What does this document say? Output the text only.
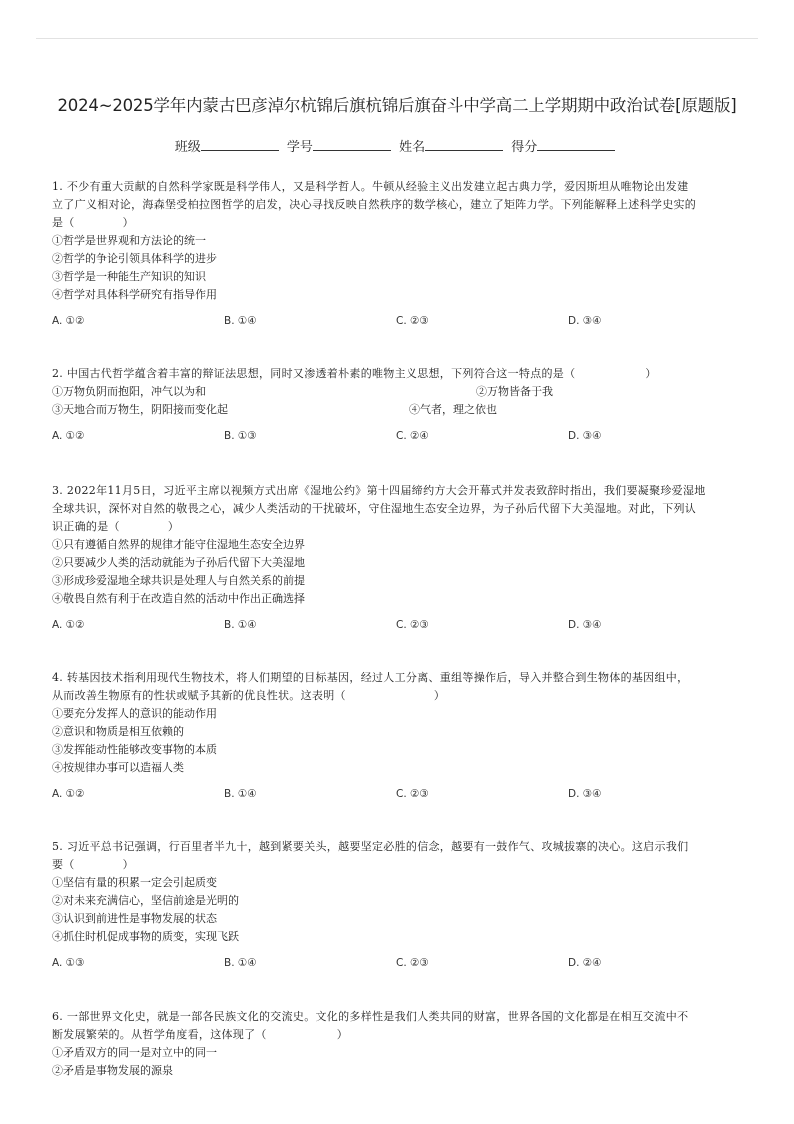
2024~2025学年内蒙古巴彦淖尔杭锦后旗杭锦后旗奋斗中学高二上学期期中政治试卷[原题版]
班级	学号	姓名	得分

1. 不少有重大贡献的自然科学家既是科学伟人，又是科学哲人。牛顿从经验主义出发建立起古典力学，爱因斯坦从唯物论出发建

立了广义相对论，海森堡受柏拉图哲学的启发，决心寻找反映自然秩序的数学核心，建立了矩阵力学。下列能解释上述科学史实的

是（	）

①哲学是世界观和方法论的统一

②哲学的争论引领具体科学的进步

③哲学是一种能生产知识的知识

④哲学对具体科学研究有指导作用

A. ①②	B. ①④	C. ②③	D. ③④

2. 中国古代哲学蕴含着丰富的辩证法思想，同时又渗透着朴素的唯物主义思想，下列符合这一特点的是（	）

①万物负阴而抱阳，冲气以为和	②万物皆备于我
③天地合而万物生，阴阳接而变化起	④气者，理之依也
A. ①②	B. ①③	C. ②④	D. ③④

3. 2022年11月5日，习近平主席以视频方式出席《湿地公约》第十四届缔约方大会开幕式并发表致辞时指出，我们要凝聚珍爱湿地

全球共识，深怀对自然的敬畏之心，减少人类活动的干扰破坏，守住湿地生态安全边界，为子孙后代留下大美湿地。对此，下列认

识正确的是（	）

①只有遵循自然界的规律才能守住湿地生态安全边界

②只要减少人类的活动就能为子孙后代留下大美湿地

③形成珍爱湿地全球共识是处理人与自然关系的前提

④敬畏自然有利于在改造自然的活动中作出正确选择

A. ①②	B. ①④	C. ②③	D. ③④

4. 转基因技术指利用现代生物技术，将人们期望的目标基因，经过人工分离、重组等操作后，导入并整合到生物体的基因组中，

从而改善生物原有的性状或赋予其新的优良性状。这表明（	）

①要充分发挥人的意识的能动作用

②意识和物质是相互依赖的

③发挥能动性能够改变事物的本质

④按规律办事可以造福人类

A. ①②	B. ①④	C. ②③	D. ③④

5. 习近平总书记强调，行百里者半九十，越到紧要关头，越要坚定必胜的信念，越要有一鼓作气、攻城拔寨的决心。这启示我们

要（	）

①坚信有量的积累一定会引起质变

②对未来充满信心，坚信前途是光明的

③认识到前进性是事物发展的状态

④抓住时机促成事物的质变，实现飞跃

A. ①③	B. ①④	C. ②③	D. ②④

6. 一部世界文化史，就是一部各民族文化的交流史。文化的多样性是我们人类共同的财富，世界各国的文化都是在相互交流中不

断发展繁荣的。从哲学角度看，这体现了（	）

①矛盾双方的同一是对立中的同一

②矛盾是事物发展的源泉
